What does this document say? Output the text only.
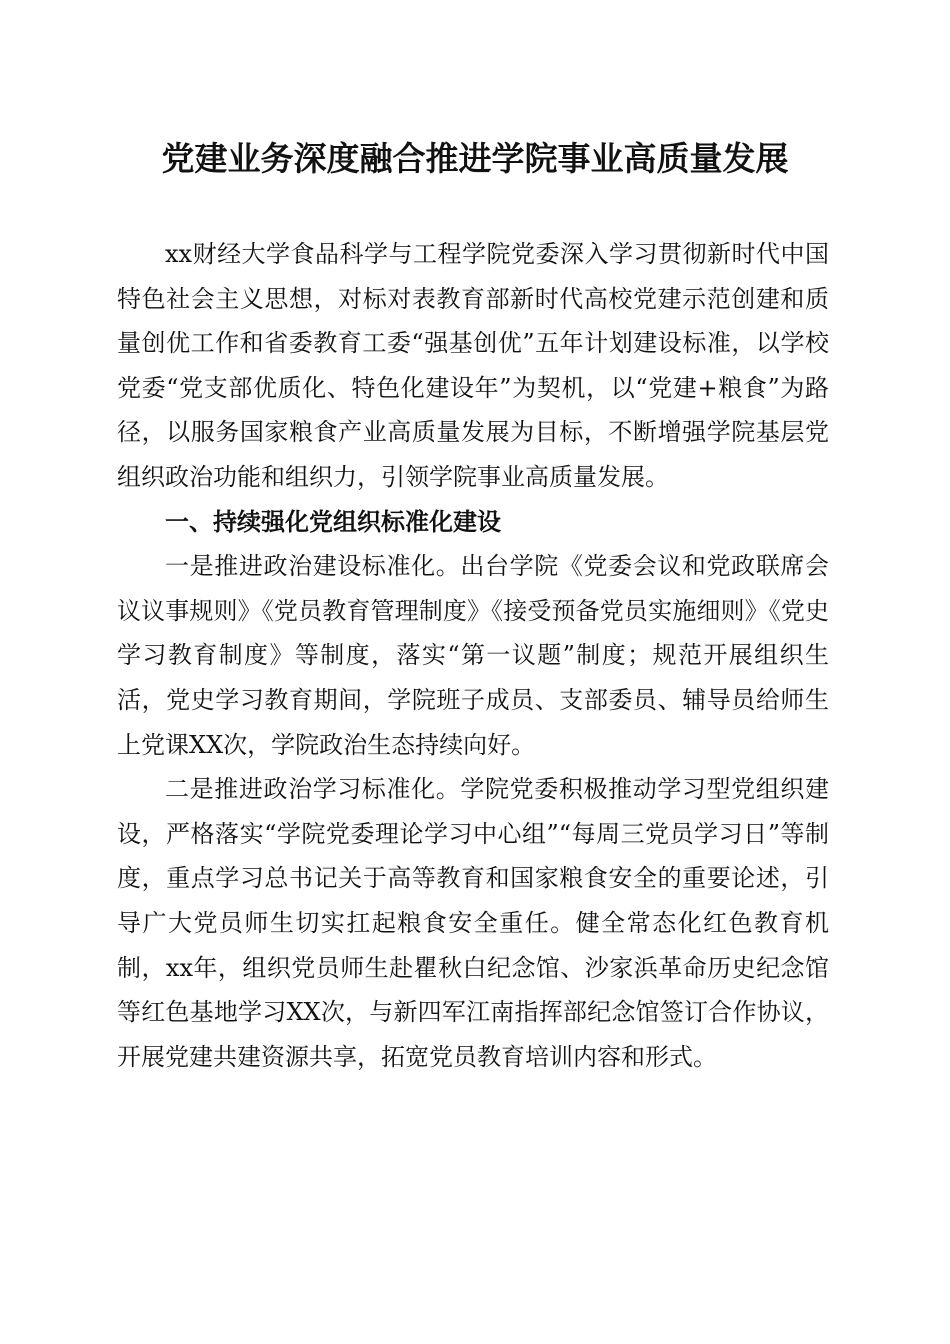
党建业务深度融合推进学院事业高质量发展

xx财经大学食品科学与工程学院党委深入学习贯彻新时代中国特色社会主义思想，对标对表教育部新时代高校党建示范创建和质量创优工作和省委教育工委“强基创优”五年计划建设标准，以学校党委“党支部优质化、特色化建设年”为契机，以“党建+粮食”为路径，以服务国家粮食产业高质量发展为目标，不断增强学院基层党组织政治功能和组织力，引领学院事业高质量发展。

一、持续强化党组织标准化建设

一是推进政治建设标准化。出台学院《党委会议和党政联席会议议事规则》《党员教育管理制度》《接受预备党员实施细则》《党史学习教育制度》等制度，落实“第一议题”制度；规范开展组织生活，党史学习教育期间，学院班子成员、支部委员、辅导员给师生上党课XX次，学院政治生态持续向好。

二是推进政治学习标准化。学院党委积极推动学习型党组织建设，严格落实“学院党委理论学习中心组”“每周三党员学习日”等制度，重点学习总书记关于高等教育和国家粮食安全的重要论述，引导广大党员师生切实扛起粮食安全重任。健全常态化红色教育机制，xx年，组织党员师生赴瞿秋白纪念馆、沙家浜革命历史纪念馆等红色基地学习XX次，与新四军江南指挥部纪念馆签订合作协议，开展党建共建资源共享，拓宽党员教育培训内容和形式。
